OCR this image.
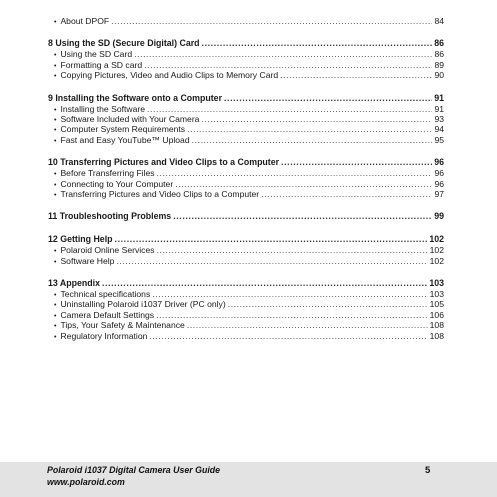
• About DPOF .....	84
8 Using the SD (Secure Digital) Card .....	86
• Using the SD Card .....	86
• Formatting a SD card .....	89
• Copying Pictures, Video and Audio Clips to Memory Card .....	90
9 Installing the Software onto a Computer .....	91
• Installing the Software .....	91
• Software Included with Your Camera .....	93
• Computer System Requirements .....	94
• Fast and Easy YouTube™ Upload .....	95
10 Transferring Pictures and Video Clips to a Computer .....	96
• Before Transferring Files .....	96
• Connecting to Your Computer .....	96
• Transferring Pictures and Video Clips to a Computer .....	97
11 Troubleshooting Problems .....	99
12 Getting Help .....	102
• Polaroid Online Services .....	102
• Software Help .....	102
13 Appendix .....	103
• Technical specifications .....	103
• Uninstalling Polaroid i1037 Driver (PC only) .....	105
• Camera Default Settings .....	106
• Tips, Your Safety & Maintenance .....	108
• Regulatory Information .....	108
Polaroid i1037 Digital Camera User Guide
www.polaroid.com
5
